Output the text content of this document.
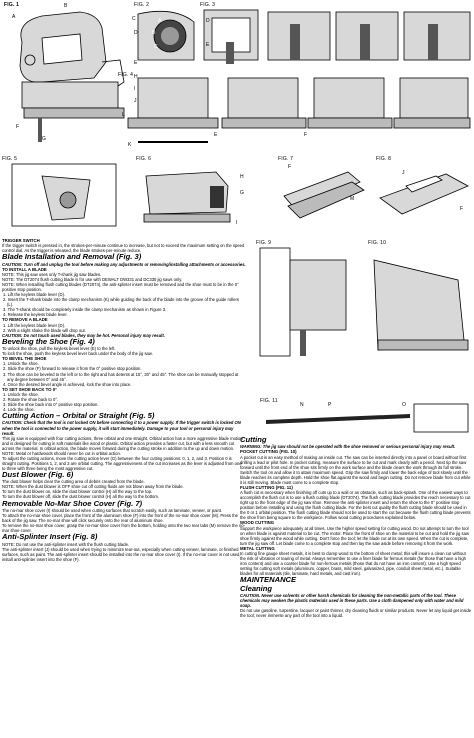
FIG. 1	B
A	C
D
E
F
G
H
I
J
K
L
FIG. 2
A
B
C
FIG. 3
D
E
FIG. 4
E	F
FIG. 5	FIG. 6
H
G
I
FIG. 7
F
M
FIG. 8
J
F
FIG. 9	FIG. 10
FIG. 11
N	P	O

TRIGGER SWITCH

If the trigger switch is pressed in, the strokes-per-minute continue to increase, but not to exceed the maximum setting on the speed control dial. As the trigger is released, the blade strokes-per-minute reduce.

Blade Installation and Removal (Fig. 3)

CAUTION: Turn off and unplug the tool before making any adjustments or removing/installing attachments or accessories.

TO INSTALL A BLADE

NOTE: This jig saw uses only T-shank jig saw blades.

NOTE: The DT2074 flush cutting blade is for use with DEWALT DW331 and DC330 jig saws only.

NOTE: When installing flush cutting blades (DT2074), the anti-splinter insert must be removed and the shoe must to be in the 0° positive stop position.

1. Lift the keyless blade lever (D).

2. Insert the T-shank blade into the clamp mechanism (K) while guiding the back of the blade into the groove of the guide rollers (L).

3. The T-shank should be completely inside the clamp mechanism as shown in Figure 3.

4. Release the keyless blade lever.

TO REMOVE A BLADE

1. Lift the keyless blade lever (D).

2. With a slight shake the blade will drop out.

CAUTION: Do not touch used blades, they may be hot. Personal injury may result.

Beveling the Shoe (Fig. 4)

To unlock the shoe, pull the keyless bevel lever (E) to the left.

To lock the shoe, push the keyless bevel lever back under the body of the jig saw.

TO BEVEL THE SHOE

1. Unlock the shoe.

2. Slide the shoe (F) forward to release it from the 0° positive stop position.

3. The shoe can be beveled to the left or to the right and has detents at 15°, 30° and 45°. The shoe can be manually stopped at any degree between 0° and 45°.

4. Once the desired bevel angle is achieved, lock the shoe into place.

TO SET SHOE BACK TO 0°

1. Unlock the shoe.

2. Rotate the shoe back to 0°.

3. Slide the shoe back into 0° positive stop position.

4. Lock the shoe.

Cutting Action – Orbital or Straight (Fig. 5)

CAUTION: Check that the tool is not locked ON before connecting it to a power supply. If the trigger switch is locked ON when the tool is connected to the power supply, it will start immediately. Damage to your tool or personal injury may result.

This jig saw is equipped with four cutting actions, three orbital and one straight. Orbital action has a more aggressive blade motion and is designed for cutting in soft materials like wood or plastic. Orbital action provides a faster cut, but with a less smooth cut across the material. In orbital action, the blade moves forward during the cutting stroke in addition to the up and down motion.

NOTE: Metal or hardwoods should never be cut in orbital action.

To adjust the cutting actions, move the cutting action lever (G) between the four cutting positions: 0, 1, 2, and 3. Position 0 is straight cutting. Positions 1, 2, and 3 are orbital cutting. The aggressiveness of the cut increases as the lever is adjusted from one to three with three being the most aggressive cut.

Dust Blower (Fig. 6)

The dust blower helps clear the cutting area of debris created from the blade.

NOTE: When the dust blower is OFF shoe cut off cutting fluids are not blown away from the blade.

To turn the dust blower on, slide the dust blower control (H) all the way to the top.

To turn the dust blower off, slide the dust blower control (H) all the way to the bottom.

Removable No-Mar Shoe Cover (Fig. 7)

The no-mar shoe cover (I) should be used when cutting surfaces that scratch easily, such as laminate, veneer, or paint.

To attach the no-mar shoe cover, place the front of the aluminum shoe (F) into the front of the no-mar shoe cover (M). Press the back of the jig saw. The no-mar shoe will click securely onto the rear of aluminum shoe.

To remove the no-mar shoe cover, grasp the no-mar shoe cover from the bottom, holding onto the two rear tabs (M) remove the no-mar shoe cover.

Anti-Splinter Insert (Fig. 8)

NOTE: Do not use the anti-splinter insert with the flush cutting blade.

The anti-splinter insert (J) should be used when trying to minimize tear-out, especially when cutting veneer, laminate, or finished surfaces, such as paint. The anti-splinter insert should be installed into the no-mar shoe cover (I). If the no-mar cover is not used, install anti-splinter insert into the shoe (F).

Cutting

WARNING: The jig saw should not be operated with the shoe removed or serious personal injury may result.

POCKET CUTTING (FIG. 10)

A pocket cut is an easy method of making an inside cut. The saw can be inserted directly into a panel or board without first drilling a lead or pilot hole. In pocket cutting, measure the surface to be cut and mark clearly with a pencil. Next tip the saw forward until the front end of the shoe sits firmly on the work surface and the blade clears the work through its full stroke. Switch the tool on and allow it to attain maximum speed. Grip the saw firmly and lower the back edge of tool slowly until the blade reaches its complete depth. Hold the shoe flat against the wood and begin cutting. Do not remove blade from cut while it is still moving. Blade must come to a complete stop.

FLUSH CUTTING (FIG. 11)

A flush cut is necessary when finishing off cuts up to a wall or an obstacle, such as back-splash. One of the easiest ways to accomplish the flush cut is to use a flush cutting blade (DT2074). The flush cutting blade provides the reach necessary to cut right up to the front edge of the jig saw shoe. Remove the anti-splinter insert and return the shoe to the 0° positive stop position before installing and using the flush cutting blade. For the best cut quality the flush cutting blade should be used in the 0 or 1 orbital position. The flush cutting blade should not be used to start the cut because the flush cutting blade prevents the shoe from being square to the workpiece. Follow wood cutting procedures explained below.

WOOD CUTTING

Support the workpiece adequately at all times. Use the higher speed setting for cutting wood. Do not attempt to turn the tool on when blade is against material to be cut. The motor. Place the front of shoe on the material to be cut and hold the jig saw shoe firmly against the wood while cutting. Don't force the tool; let the blade cut at its own speed. When the cut is complete, turn the jig saw off. Let blade come to a complete stop and then lay the saw aside before removing it from the work.

METAL CUTTING

In cutting fine gauge sheet metals, it is best to clamp wood to the bottom of sheet metal; this will insure a clean cut without the risk of vibration or tearing of metal. Always remember to use a finer blade for ferrous metals (for those that have a high iron content) and use a coarser blade for non-ferrous metals (those that do not have an iron content). Use a high speed setting for cutting soft metals (aluminum, copper, brass, mild steel, galvanized, pipe, conduit sheet metal, etc.). Suitable blades for all materials (tile, laminate, hard metals, and cast iron).

MAINTENANCE

Cleaning

CAUTION. Never use solvents or other harsh chemicals for cleaning the non-metallic parts of the tool. These chemicals may weaken the plastic materials used in these parts. Use a cloth dampened only with water and mild soap.

Do not use gasoline, turpentine, lacquer or paint thinner, dry cleaning fluids or similar products. Never let any liquid get inside the tool; never immerse any part of the tool into a liquid.
